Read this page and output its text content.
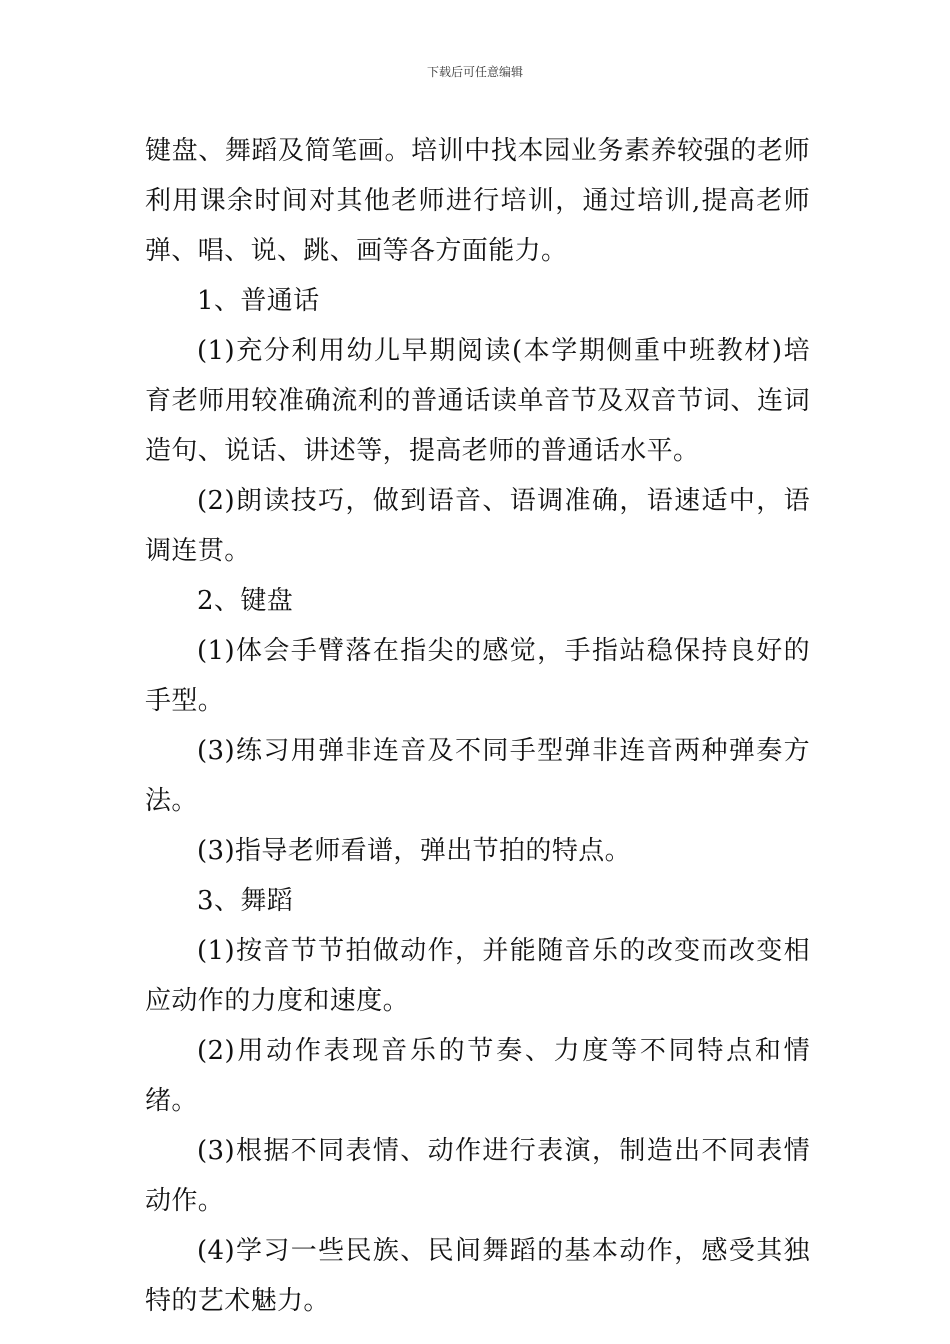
下载后可任意编辑

键盘、舞蹈及简笔画。培训中找本园业务素养较强的老师利用课余时间对其他老师进行培训，通过培训,提高老师弹、唱、说、跳、画等各方面能力。

1、普通话

(1)充分利用幼儿早期阅读(本学期侧重中班教材)培育老师用较准确流利的普通话读单音节及双音节词、连词造句、说话、讲述等，提高老师的普通话水平。

(2)朗读技巧，做到语音、语调准确，语速适中，语调连贯。

2、键盘

(1)体会手臂落在指尖的感觉，手指站稳保持良好的手型。

(3)练习用弹非连音及不同手型弹非连音两种弹奏方法。

(3)指导老师看谱，弹出节拍的特点。

3、舞蹈

(1)按音节节拍做动作，并能随音乐的改变而改变相应动作的力度和速度。

(2)用动作表现音乐的节奏、力度等不同特点和情绪。

(3)根据不同表情、动作进行表演，制造出不同表情动作。

(4)学习一些民族、民间舞蹈的基本动作，感受其独特的艺术魅力。
